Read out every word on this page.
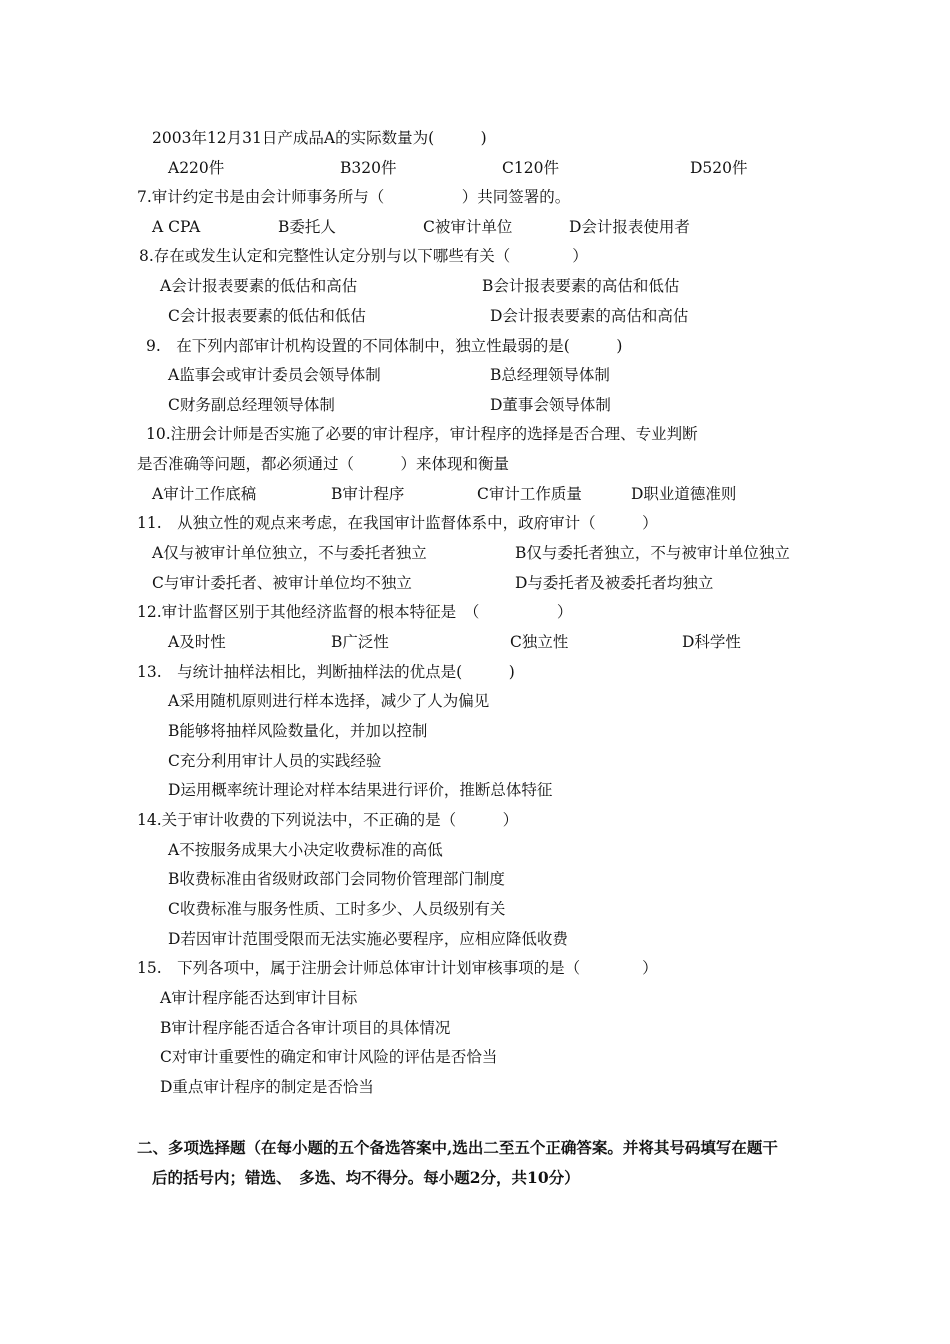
2003年12月31日产成品A的实际数量为(　　　)
A220件	B320件	C120件	D520件
7.审计约定书是由会计师事务所与（　　　　　）共同签署的。
A CPA	B委托人	C被审计单位	D会计报表使用者
8.存在或发生认定和完整性认定分别与以下哪些有关（　　　　）
A会计报表要素的低估和高估	B会计报表要素的高估和低估
C会计报表要素的低估和低估	D会计报表要素的高估和高估
9.　在下列内部审计机构设置的不同体制中，独立性最弱的是(　　　)
A监事会或审计委员会领导体制	B总经理领导体制
C财务副总经理领导体制	D董事会领导体制
10.注册会计师是否实施了必要的审计程序，审计程序的选择是否合理、专业判断
是否准确等问题，都必须通过（　　　）来体现和衡量
A审计工作底稿	B审计程序	C审计工作质量	D职业道德准则
11.　从独立性的观点来考虑，在我国审计监督体系中，政府审计（　　　）
A仅与被审计单位独立，不与委托者独立	B仅与委托者独立，不与被审计单位独立
C与审计委托者、被审计单位均不独立	D与委托者及被委托者均独立
12.审计监督区别于其他经济监督的根本特征是　（　　　　　）
A及时性	B广泛性	C独立性	D科学性
13.　与统计抽样法相比，判断抽样法的优点是(　　　)
A采用随机原则进行样本选择，减少了人为偏见
B能够将抽样风险数量化，并加以控制
C充分利用审计人员的实践经验
D运用概率统计理论对样本结果进行评价，推断总体特征
14.关于审计收费的下列说法中，不正确的是（　　　）
A不按服务成果大小决定收费标准的高低
B收费标准由省级财政部门会同物价管理部门制度
C收费标准与服务性质、工时多少、人员级别有关
D若因审计范围受限而无法实施必要程序，应相应降低收费
15.　下列各项中，属于注册会计师总体审计计划审核事项的是（　　　　）
A审计程序能否达到审计目标
B审计程序能否适合各审计项目的具体情况
C对审计重要性的确定和审计风险的评估是否恰当
D重点审计程序的制定是否恰当
二、多项选择题（在每小题的五个备选答案中,选出二至五个正确答案。并将其号码填写在题干
后的括号内；错选、　多选、均不得分。每小题2分，共10分）
